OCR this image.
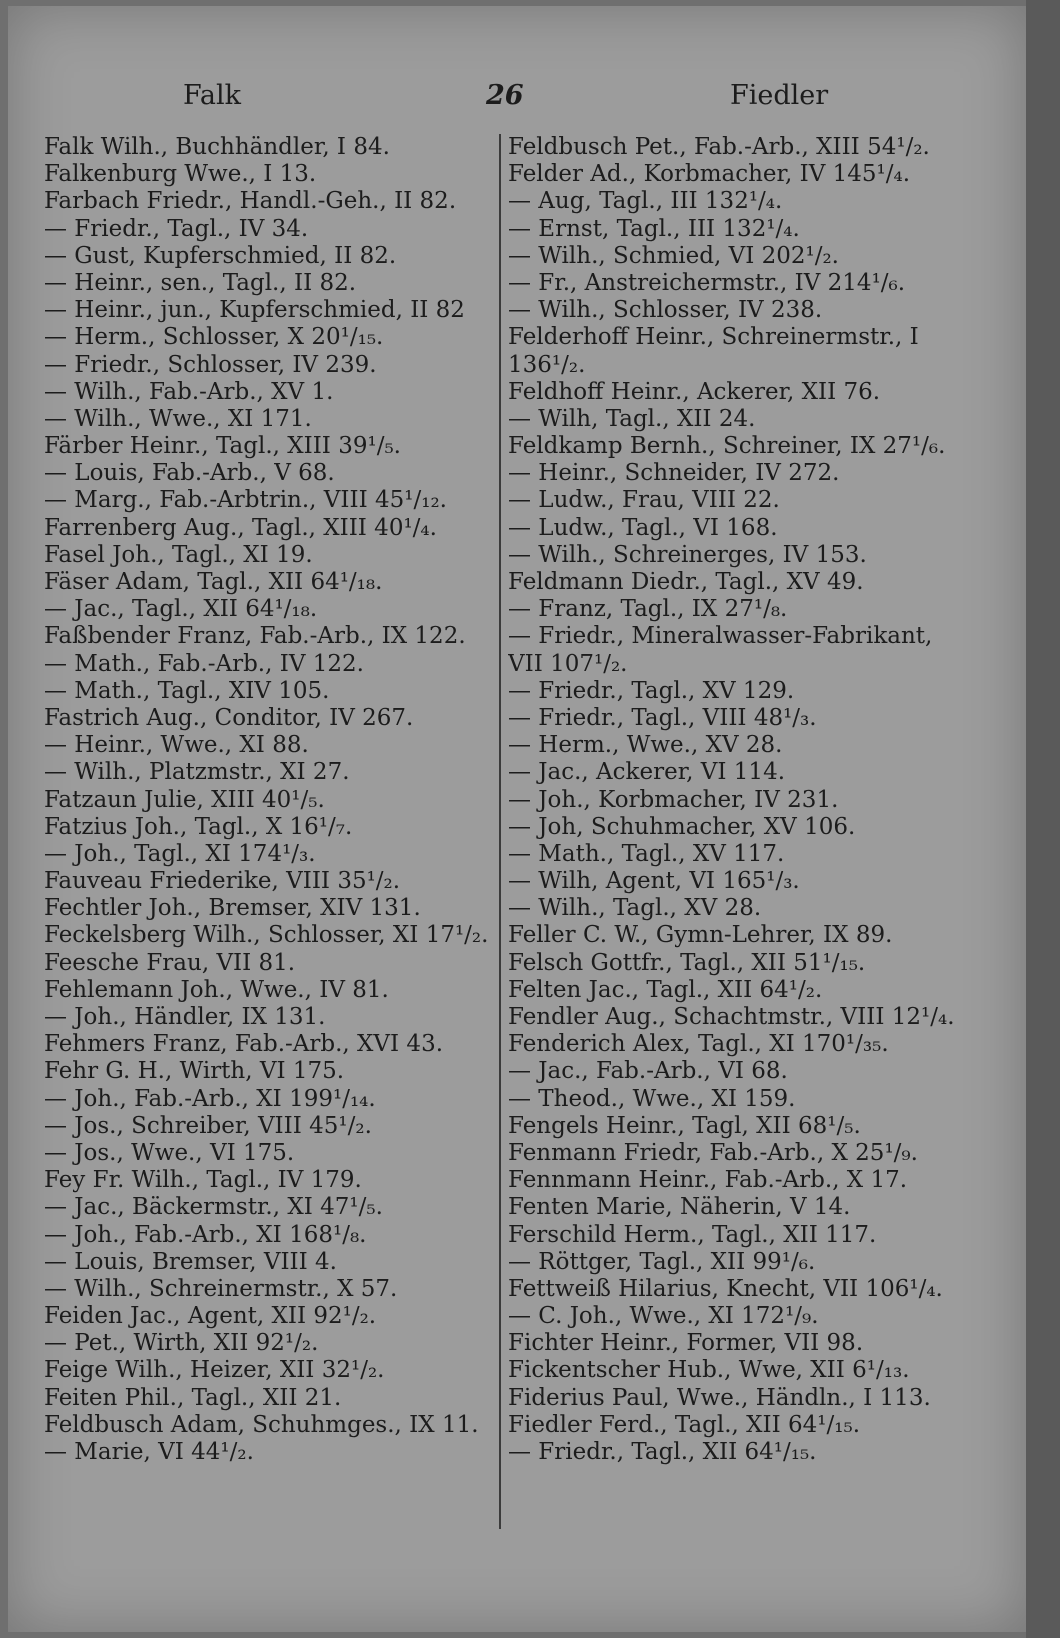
Falk	26	Fiedler
Falk Wilh., Buchhändler, I 84.
Falkenburg Wwe., I 13.
Farbach Friedr., Handl.-Geh., II 82.
— Friedr., Tagl., IV 34.
— Gust, Kupferschmied, II 82.
— Heinr., sen., Tagl., II 82.
— Heinr., jun., Kupferschmied, II 82
— Herm., Schlosser, X 20¹/₁₅.
— Friedr., Schlosser, IV 239.
— Wilh., Fab.-Arb., XV 1.
— Wilh., Wwe., XI 171.
Färber Heinr., Tagl., XIII 39¹/₅.
— Louis, Fab.-Arb., V 68.
— Marg., Fab.-Arbtrin., VIII 45¹/₁₂.
Farrenberg Aug., Tagl., XIII 40¹/₄.
Fasel Joh., Tagl., XI 19.
Fäser Adam, Tagl., XII 64¹/₁₈.
— Jac., Tagl., XII 64¹/₁₈.
Faßbender Franz, Fab.-Arb., IX 122.
— Math., Fab.-Arb., IV 122.
— Math., Tagl., XIV 105.
Fastrich Aug., Conditor, IV 267.
— Heinr., Wwe., XI 88.
— Wilh., Platzmstr., XI 27.
Fatzaun Julie, XIII 40¹/₅.
Fatzius Joh., Tagl., X 16¹/₇.
— Joh., Tagl., XI 174¹/₃.
Fauveau Friederike, VIII 35¹/₂.
Fechtler Joh., Bremser, XIV 131.
Feckelsberg Wilh., Schlosser, XI 17¹/₂.
Feesche Frau, VII 81.
Fehlemann Joh., Wwe., IV 81.
— Joh., Händler, IX 131.
Fehmers Franz, Fab.-Arb., XVI 43.
Fehr G. H., Wirth, VI 175.
— Joh., Fab.-Arb., XI 199¹/₁₄.
— Jos., Schreiber, VIII 45¹/₂.
— Jos., Wwe., VI 175.
Fey Fr. Wilh., Tagl., IV 179.
— Jac., Bäckermstr., XI 47¹/₅.
— Joh., Fab.-Arb., XI 168¹/₈.
— Louis, Bremser, VIII 4.
— Wilh., Schreinermstr., X 57.
Feiden Jac., Agent, XII 92¹/₂.
— Pet., Wirth, XII 92¹/₂.
Feige Wilh., Heizer, XII 32¹/₂.
Feiten Phil., Tagl., XII 21.
Feldbusch Adam, Schuhmges., IX 11.
— Marie, VI 44¹/₂.
Feldbusch Pet., Fab.-Arb., XIII 54¹/₂.
Felder Ad., Korbmacher, IV 145¹/₄.
— Aug, Tagl., III 132¹/₄.
— Ernst, Tagl., III 132¹/₄.
— Wilh., Schmied, VI 202¹/₂.
— Fr., Anstreichermstr., IV 214¹/₆.
— Wilh., Schlosser, IV 238.
Felderhoff Heinr., Schreinermstr., I
136¹/₂.
Feldhoff Heinr., Ackerer, XII 76.
— Wilh, Tagl., XII 24.
Feldkamp Bernh., Schreiner, IX 27¹/₆.
— Heinr., Schneider, IV 272.
— Ludw., Frau, VIII 22.
— Ludw., Tagl., VI 168.
— Wilh., Schreinerges, IV 153.
Feldmann Diedr., Tagl., XV 49.
— Franz, Tagl., IX 27¹/₈.
— Friedr., Mineralwasser-Fabrikant,
VII 107¹/₂.
— Friedr., Tagl., XV 129.
— Friedr., Tagl., VIII 48¹/₃.
— Herm., Wwe., XV 28.
— Jac., Ackerer, VI 114.
— Joh., Korbmacher, IV 231.
— Joh, Schuhmacher, XV 106.
— Math., Tagl., XV 117.
— Wilh, Agent, VI 165¹/₃.
— Wilh., Tagl., XV 28.
Feller C. W., Gymn-Lehrer, IX 89.
Felsch Gottfr., Tagl., XII 51¹/₁₅.
Felten Jac., Tagl., XII 64¹/₂.
Fendler Aug., Schachtmstr., VIII 12¹/₄.
Fenderich Alex, Tagl., XI 170¹/₃₅.
— Jac., Fab.-Arb., VI 68.
— Theod., Wwe., XI 159.
Fengels Heinr., Tagl, XII 68¹/₅.
Fenmann Friedr, Fab.-Arb., X 25¹/₉.
Fennmann Heinr., Fab.-Arb., X 17.
Fenten Marie, Näherin, V 14.
Ferschild Herm., Tagl., XII 117.
— Röttger, Tagl., XII 99¹/₆.
Fettweiß Hilarius, Knecht, VII 106¹/₄.
— C. Joh., Wwe., XI 172¹/₉.
Fichter Heinr., Former, VII 98.
Fickentscher Hub., Wwe, XII 6¹/₁₃.
Fiderius Paul, Wwe., Händln., I 113.
Fiedler Ferd., Tagl., XII 64¹/₁₅.
— Friedr., Tagl., XII 64¹/₁₅.
